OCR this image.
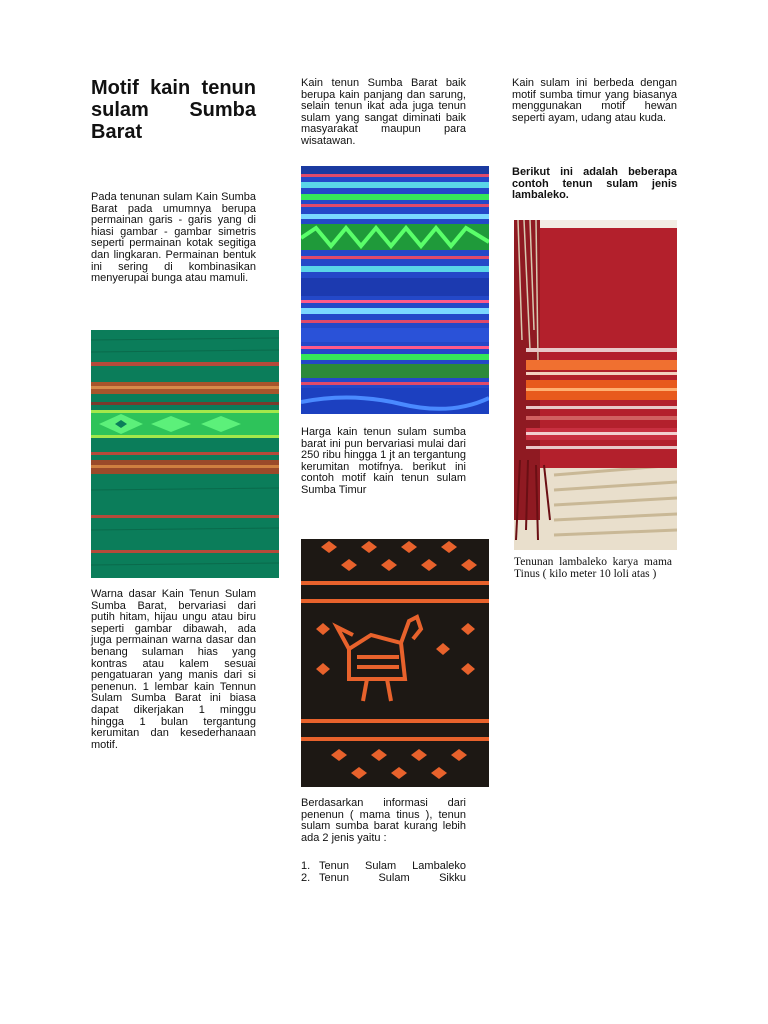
Motif kain tenun sulam Sumba Barat
Pada tenunan sulam Kain Sumba Barat pada umumnya berupa permainan garis - garis yang di hiasi gambar - gambar simetris seperti permainan kotak segitiga dan lingkaran. Permainan bentuk ini sering di kombinasikan menyerupai bunga atau mamuli.
Warna dasar Kain Tenun Sulam Sumba Barat, bervariasi dari putih hitam, hijau ungu atau biru seperti gambar dibawah, ada juga permainan warna dasar dan benang sulaman hias yang kontras atau kalem sesuai pengatuaran yang manis dari si penenun. 1 lembar kain Tennun Sulam Sumba Barat ini biasa dapat dikerjakan 1 minggu hingga 1 bulan tergantung kerumitan dan kesederhanaan motif.
Kain tenun Sumba Barat baik berupa kain panjang dan sarung, selain tenun ikat ada juga tenun sulam yang sangat diminati baik masyarakat maupun para wisatawan.
Harga kain tenun sulam sumba barat ini pun bervariasi mulai dari 250 ribu hingga 1 jt an tergantung kerumitan motifnya. berikut ini contoh motif kain tenun sulam Sumba Timur
Berdasarkan informasi dari penenun ( mama tinus ), tenun sulam sumba barat kurang lebih ada 2 jenis yaitu :
1. Tenun Sulam Lambaleko
2. Tenun Sulam Sikku
Kain sulam ini berbeda dengan motif sumba timur yang biasanya menggunakan motif hewan seperti ayam, udang atau kuda.
Berikut ini adalah beberapa contoh tenun sulam jenis lambaleko.
Tenunan lambaleko karya mama Tinus ( kilo meter 10 loli atas )
